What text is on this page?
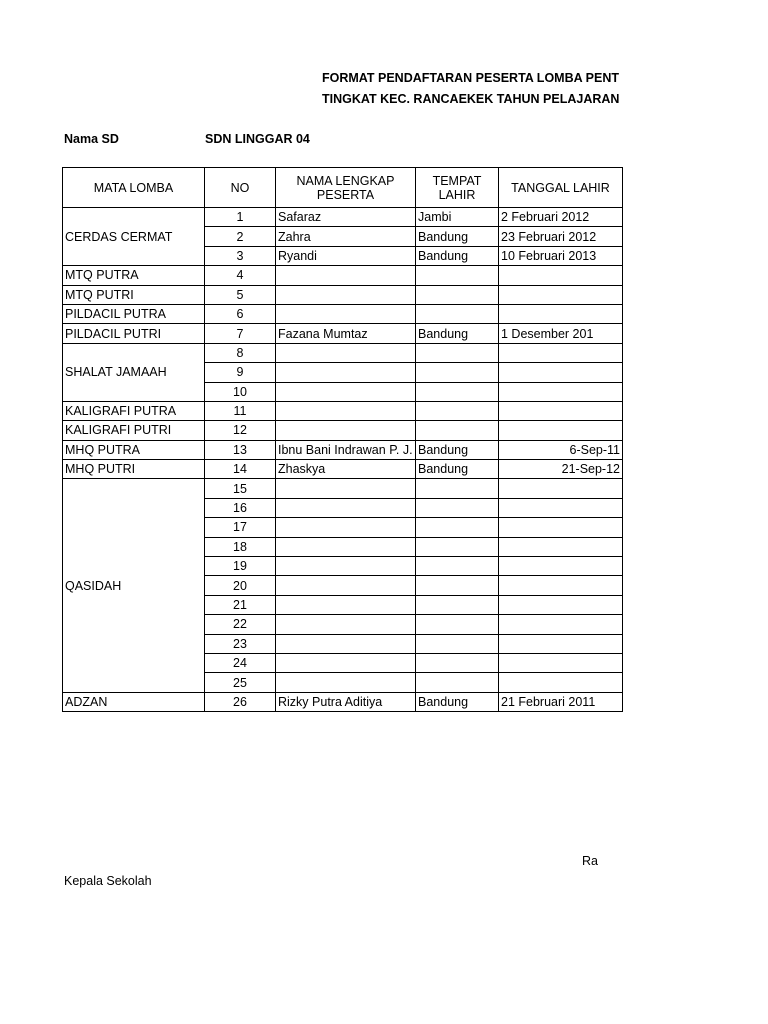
FORMAT PENDAFTARAN PESERTA LOMBA PENT
TINGKAT KEC. RANCAEKEK TAHUN PELAJARAN
Nama SD	SDN LINGGAR 04
MATA LOMBA	NO	NAMA LENGKAP PESERTA	TEMPAT LAHIR	TANGGAL LAHIR
CERDAS CERMAT	1	Safaraz	Jambi	2 Februari 2012
	2	Zahra	Bandung	23 Februari 2012
	3	Ryandi	Bandung	10 Februari 2013
MTQ PUTRA	4			
MTQ PUTRI	5			
PILDACIL PUTRA	6			
PILDACIL PUTRI	7	Fazana Mumtaz	Bandung	1 Desember 201
SHALAT JAMAAH	8			
	9			
	10			
KALIGRAFI PUTRA	11			
KALIGRAFI PUTRI	12			
MHQ PUTRA	13	Ibnu Bani Indrawan P. J.	Bandung	6-Sep-11
MHQ PUTRI	14	Zhaskya	Bandung	21-Sep-12
QASIDAH	15			
	16			
	17			
	18			
	19			
	20			
	21			
	22			
	23			
	24			
	25			
ADZAN	26	Rizky Putra Aditiya	Bandung	21 Februari 2011
Ra
Kepala Sekolah
